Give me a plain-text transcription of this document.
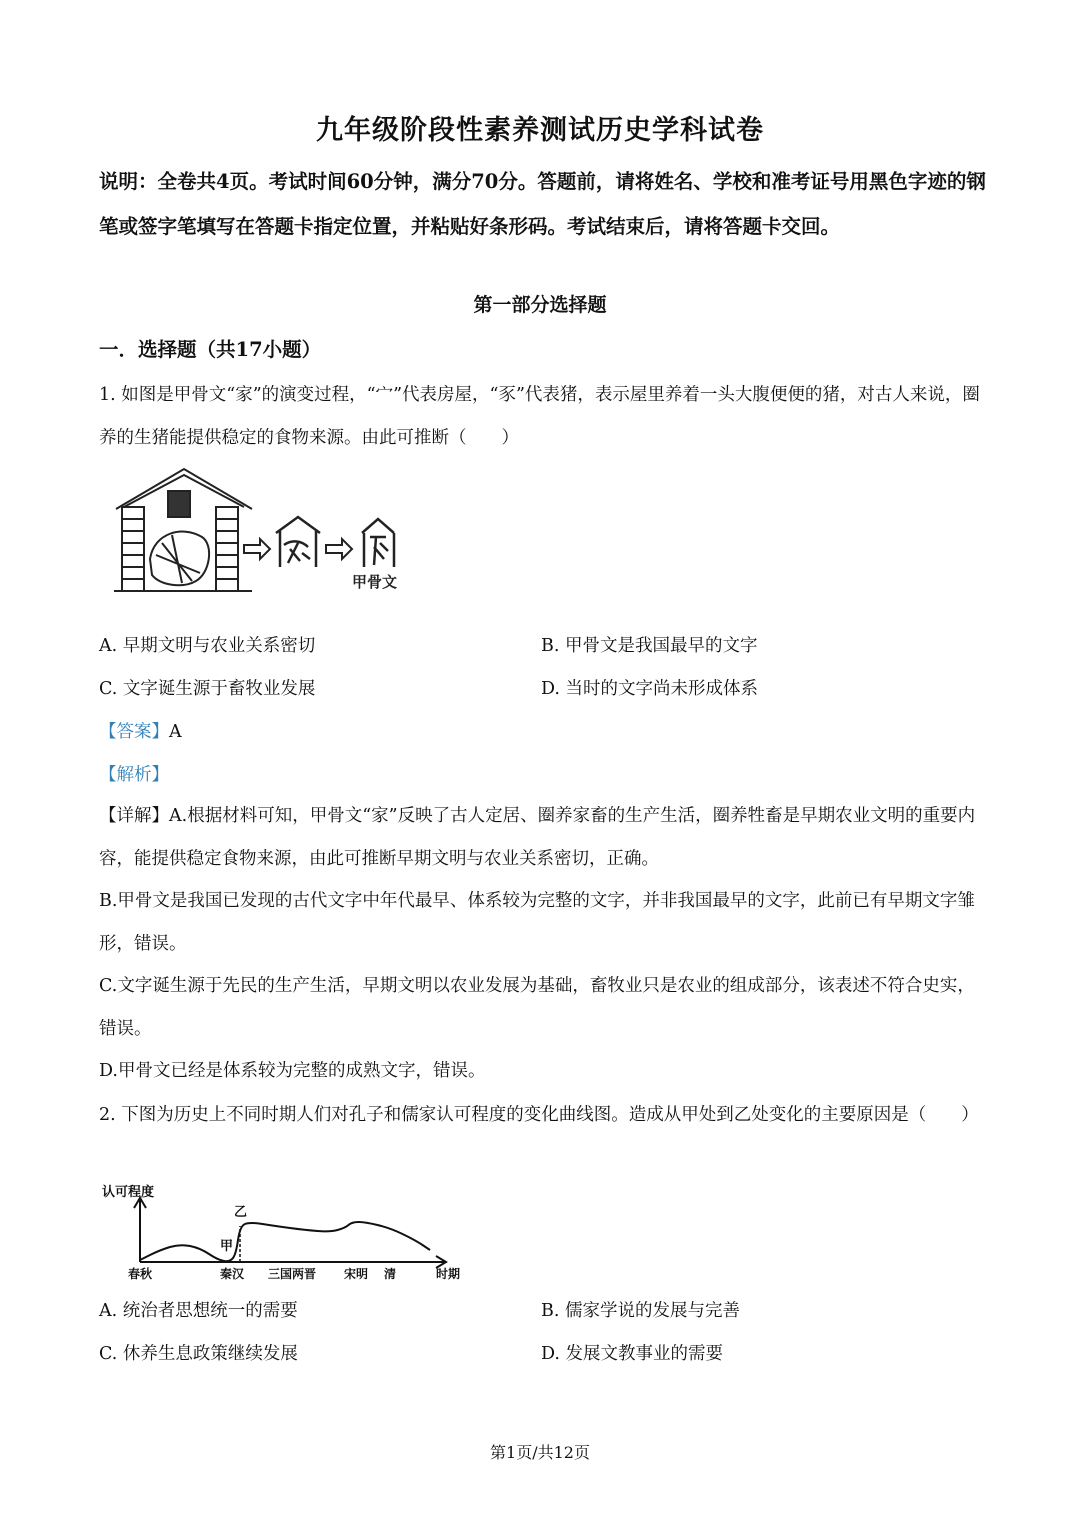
九年级阶段性素养测试历史学科试卷
说明：全卷共4页。考试时间60分钟，满分70分。答题前，请将姓名、学校和准考证号用黑色字迹的钢笔或签字笔填写在答题卡指定位置，并粘贴好条形码。考试结束后，请将答题卡交回。
第一部分选择题
一．选择题（共17小题）
1. 如图是甲骨文“家”的演变过程，“宀”代表房屋，“豕”代表猪，表示屋里养着一头大腹便便的猪，对古人来说，圈养的生猪能提供稳定的食物来源。由此可推断（　　）
甲骨文
A. 早期文明与农业关系密切	B. 甲骨文是我国最早的文字
C. 文字诞生源于畜牧业发展	D. 当时的文字尚未形成体系
【答案】A
【解析】
【详解】A.根据材料可知，甲骨文“家”反映了古人定居、圈养家畜的生产生活，圈养牲畜是早期农业文明的重要内容，能提供稳定食物来源，由此可推断早期文明与农业关系密切，正确。
B.甲骨文是我国已发现的古代文字中年代最早、体系较为完整的文字，并非我国最早的文字，此前已有早期文字雏形，错误。
C.文字诞生源于先民的生产生活，早期文明以农业发展为基础，畜牧业只是农业的组成部分，该表述不符合史实，错误。
D.甲骨文已经是体系较为完整的成熟文字，错误。
2. 下图为历史上不同时期人们对孔子和儒家认可程度的变化曲线图。造成从甲处到乙处变化的主要原因是（　　）
认可程度
甲
乙
春秋	秦汉 三国两晋 宋明 清	时期
A. 统治者思想统一的需要	B. 儒家学说的发展与完善
C. 休养生息政策继续发展	D. 发展文教事业的需要
第1页/共12页
